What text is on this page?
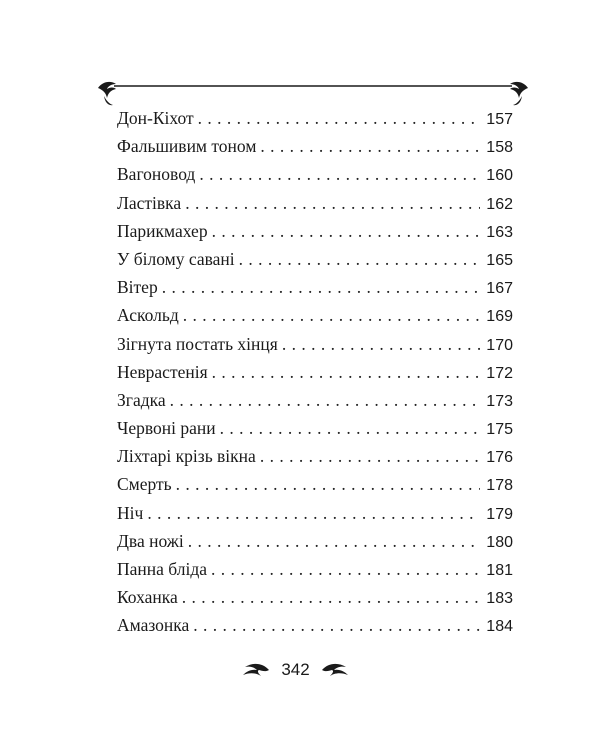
Дон-Кіхот . . .	157
Фальшивим тоном . . .	158
Вагоновод . . .	160
Ластівка . . .	162
Парикмахер . . .	163
У білому савані . . .	165
Вітер . . .	167
Аскольд . . .	169
Зігнута постать хінця . . .	170
Неврастенія . . .	172
Згадка . . .	173
Червоні рани . . .	175
Ліхтарі крізь вікна . . .	176
Смерть . . .	178
Ніч . . .	179
Два ножі . . .	180
Панна бліда . . .	181
Коханка . . .	183
Амазонка . . .	184
342
